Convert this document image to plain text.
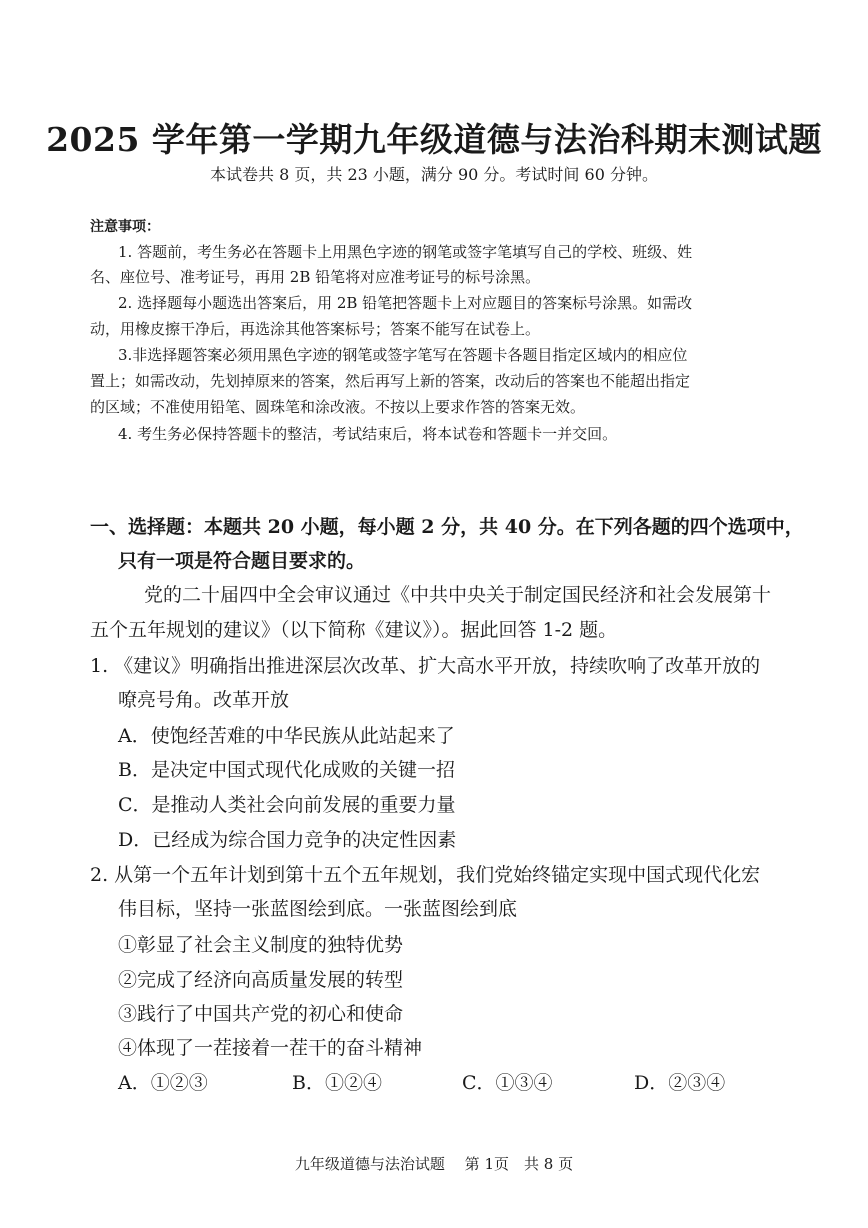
2025 学年第一学期九年级道德与法治科期末测试题
本试卷共 8 页，共 23 小题，满分 90 分。考试时间 60 分钟。
注意事项：
1. 答题前，考生务必在答题卡上用黑色字迹的钢笔或签字笔填写自己的学校、班级、姓
名、座位号、准考证号，再用 2B 铅笔将对应准考证号的标号涂黑。
2. 选择题每小题选出答案后，用 2B 铅笔把答题卡上对应题目的答案标号涂黑。如需改
动，用橡皮擦干净后，再选涂其他答案标号；答案不能写在试卷上。
3.非选择题答案必须用黑色字迹的钢笔或签字笔写在答题卡各题目指定区域内的相应位
置上；如需改动，先划掉原来的答案，然后再写上新的答案，改动后的答案也不能超出指定
的区域；不准使用铅笔、圆珠笔和涂改液。不按以上要求作答的答案无效。
4. 考生务必保持答题卡的整洁，考试结束后，将本试卷和答题卡一并交回。
一、选择题：本题共 20 小题，每小题 2 分，共 40 分。在下列各题的四个选项中，
只有一项是符合题目要求的。
党的二十届四中全会审议通过《中共中央关于制定国民经济和社会发展第十
五个五年规划的建议》（以下简称《建议》）。据此回答 1-2 题。
1. 《建议》明确指出推进深层次改革、扩大高水平开放，持续吹响了改革开放的
嘹亮号角。改革开放
A．使饱经苦难的中华民族从此站起来了
B．是决定中国式现代化成败的关键一招
C．是推动人类社会向前发展的重要力量
D．已经成为综合国力竞争的决定性因素
2. 从第一个五年计划到第十五个五年规划，我们党始终锚定实现中国式现代化宏
伟目标，坚持一张蓝图绘到底。一张蓝图绘到底
①彰显了社会主义制度的独特优势
②完成了经济向高质量发展的转型
③践行了中国共产党的初心和使命
④体现了一茬接着一茬干的奋斗精神
A．①②③	B．①②④	C．①③④	D．②③④
九年级道德与法治试题　 第 1页　共 8 页
